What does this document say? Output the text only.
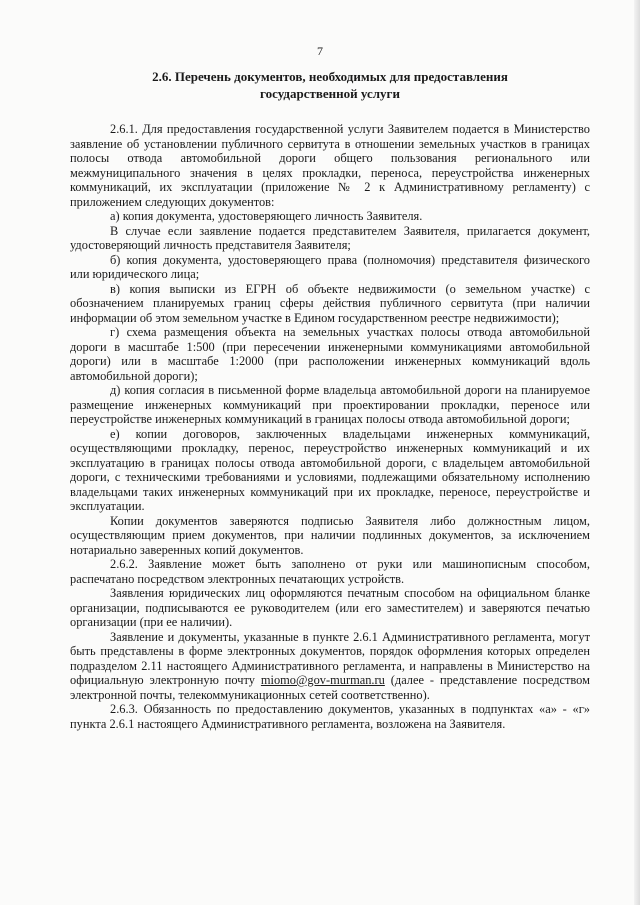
7
2.6. Перечень документов, необходимых для предоставления
государственной услуги

2.6.1. Для предоставления государственной услуги Заявителем подается в Министерство заявление об установлении публичного сервитута в отношении земельных участков в границах полосы отвода автомобильной дороги общего пользования регионального или межмуниципального значения в целях прокладки, переноса, переустройства инженерных коммуникаций, их эксплуатации (приложение № 2 к Административному регламенту) с приложением следующих документов:

а) копия документа, удостоверяющего личность Заявителя.

В случае если заявление подается представителем Заявителя, прилагается документ, удостоверяющий личность представителя Заявителя;

б) копия документа, удостоверяющего права (полномочия) представителя физического или юридического лица;

в) копия выписки из ЕГРН об объекте недвижимости (о земельном участке) с обозначением планируемых границ сферы действия публичного сервитута (при наличии информации об этом земельном участке в Едином государственном реестре недвижимости);

г) схема размещения объекта на земельных участках полосы отвода автомобильной дороги в масштабе 1:500 (при пересечении инженерными коммуникациями автомобильной дороги) или в масштабе 1:2000 (при расположении инженерных коммуникаций вдоль автомобильной дороги);

д) копия согласия в письменной форме владельца автомобильной дороги на планируемое размещение инженерных коммуникаций при проектировании прокладки, переносе или переустройстве инженерных коммуникаций в границах полосы отвода автомобильной дороги;

е) копии договоров, заключенных владельцами инженерных коммуникаций, осуществляющими прокладку, перенос, переустройство инженерных коммуникаций и их эксплуатацию в границах полосы отвода автомобильной дороги, с владельцем автомобильной дороги, с техническими требованиями и условиями, подлежащими обязательному исполнению владельцами таких инженерных коммуникаций при их прокладке, переносе, переустройстве и эксплуатации.

Копии документов заверяются подписью Заявителя либо должностным лицом, осуществляющим прием документов, при наличии подлинных документов, за исключением нотариально заверенных копий документов.

2.6.2. Заявление может быть заполнено от руки или машинописным способом, распечатано посредством электронных печатающих устройств.

Заявления юридических лиц оформляются печатным способом на официальном бланке организации, подписываются ее руководителем (или его заместителем) и заверяются печатью организации (при ее наличии).

Заявление и документы, указанные в пункте 2.6.1 Административного регламента, могут быть представлены в форме электронных документов, порядок оформления которых определен подразделом 2.11 настоящего Административного регламента, и направлены в Министерство на официальную электронную почту miomo@gov-murman.ru (далее - представление посредством электронной почты, телекоммуникационных сетей соответственно).

2.6.3. Обязанность по предоставлению документов, указанных в подпунктах «а» - «г» пункта 2.6.1 настоящего Административного регламента, возложена на Заявителя.
